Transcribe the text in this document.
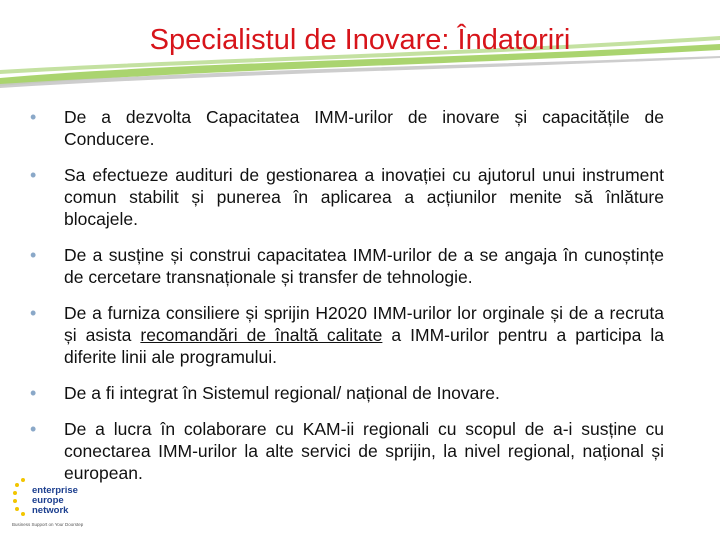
Specialistul de Inovare: Îndatoriri
• De a dezvolta Capacitatea IMM-urilor de inovare și capacitățile de Conducere.
• Sa efectueze audituri de gestionarea a inovației cu ajutorul unui instrument comun stabilit și punerea în aplicarea a acțiunilor menite să înlăture blocajele.
• De a susține și construi capacitatea IMM-urilor de a se angaja în cunoștințe de cercetare transnaționale și transfer de tehnologie.
• De a furniza consiliere și sprijin H2020 IMM-urilor lor orginale și de a recruta și asista recomandări de înaltă calitate a IMM-urilor pentru a participa la diferite linii ale programului.
• De a fi integrat în Sistemul regional/ național de Inovare.
• De a lucra în colaborare cu KAM-ii regionali cu scopul de a-i susține cu conectarea IMM-urilor la alte servici de sprijin, la nivel regional, național și european.
enterprise
europe
network
Business Support on Your Doorstep
